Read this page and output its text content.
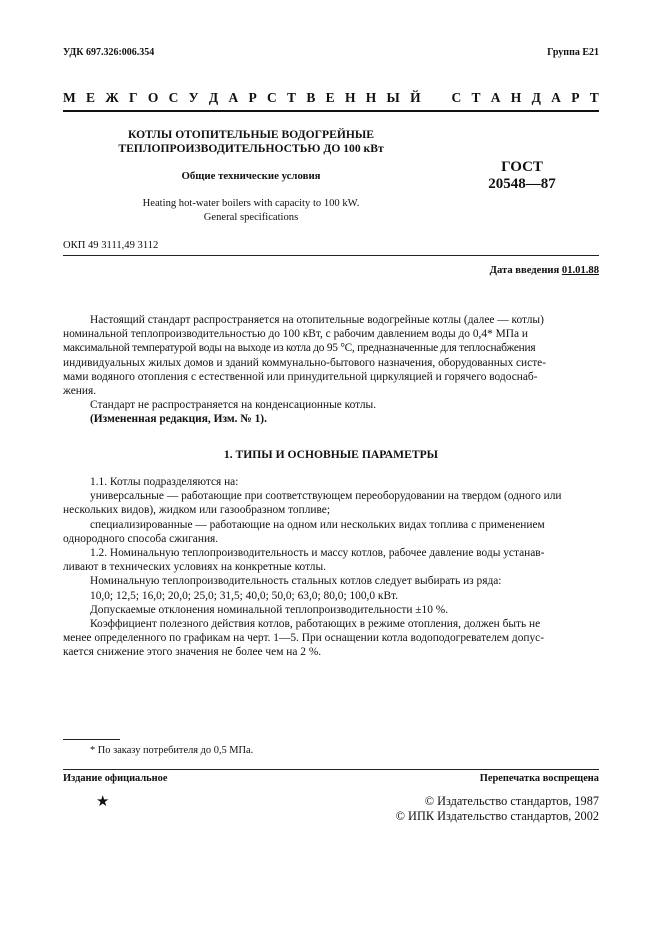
УДК 697.326:006.354	Группа Е21
М Е Ж Г О С У Д А Р С Т В Е Н Н Ы Й С Т А Н Д А Р Т
КОТЛЫ ОТОПИТЕЛЬНЫЕ ВОДОГРЕЙНЫЕ
ТЕПЛОПРОИЗВОДИТЕЛЬНОСТЬЮ ДО 100 кВт
Общие технические условия
Heating hot-water boilers with capacity to 100 kW.
General specifications
ГОСТ
20548—87
ОКП 49 3111,49 3112
Дата введения 01.01.88
Настоящий стандарт распространяется на отопительные водогрейные котлы (далее — котлы)
номинальной теплопроизводительностью до 100 кВт, с рабочим давлением воды до 0,4* МПа и
максимальной температурой воды на выходе из котла до 95 °С, предназначенные для теплоснабжения
индивидуальных жилых домов и зданий коммунально-бытового назначения, оборудованных систе-
мами водяного отопления с естественной или принудительной циркуляцией и горячего водоснаб-
жения.
Стандарт не распространяется на конденсационные котлы.
(Измененная редакция, Изм. № 1).
1. ТИПЫ И ОСНОВНЫЕ ПАРАМЕТРЫ
1.1. Котлы подразделяются на:
универсальные — работающие при соответствующем переоборудовании на твердом (одного или
нескольких видов), жидком или газообразном топливе;
специализированные — работающие на одном или нескольких видах топлива с применением
однородного способа сжигания.
1.2. Номинальную теплопроизводительность и массу котлов, рабочее давление воды устанав-
ливают в технических условиях на конкретные котлы.
Номинальную теплопроизводительность стальных котлов следует выбирать из ряда:
10,0; 12,5; 16,0; 20,0; 25,0; 31,5; 40,0; 50,0; 63,0; 80,0; 100,0 кВт.
Допускаемые отклонения номинальной теплопроизводительности ±10 %.
Коэффициент полезного действия котлов, работающих в режиме отопления, должен быть не
менее определенного по графикам на черт. 1—5. При оснащении котла водоподогревателем допус-
кается снижение этого значения не более чем на 2 %.
* По заказу потребителя до 0,5 МПа.
Издание официальное	Перепечатка воспрещена
★	© Издательство стандартов, 1987
© ИПК Издательство стандартов, 2002
